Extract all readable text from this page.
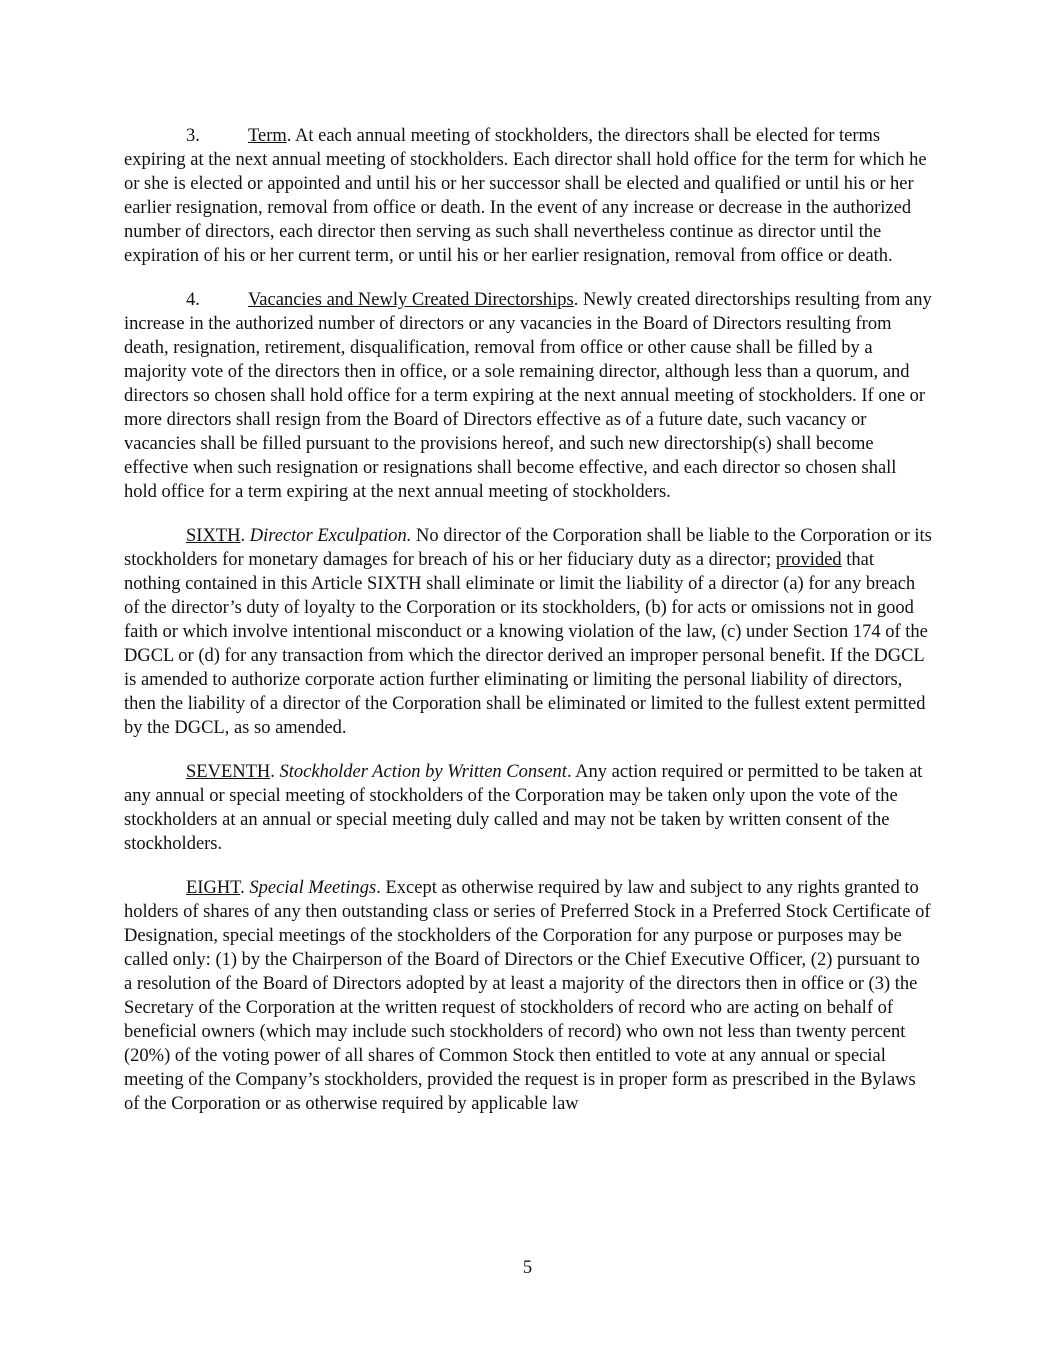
3.	Term. At each annual meeting of stockholders, the directors shall be elected for terms expiring at the next annual meeting of stockholders. Each director shall hold office for the term for which he or she is elected or appointed and until his or her successor shall be elected and qualified or until his or her earlier resignation, removal from office or death. In the event of any increase or decrease in the authorized number of directors, each director then serving as such shall nevertheless continue as director until the expiration of his or her current term, or until his or her earlier resignation, removal from office or death.

4.	Vacancies and Newly Created Directorships. Newly created directorships resulting from any increase in the authorized number of directors or any vacancies in the Board of Directors resulting from death, resignation, retirement, disqualification, removal from office or other cause shall be filled by a majority vote of the directors then in office, or a sole remaining director, although less than a quorum, and directors so chosen shall hold office for a term expiring at the next annual meeting of stockholders. If one or more directors shall resign from the Board of Directors effective as of a future date, such vacancy or vacancies shall be filled pursuant to the provisions hereof, and such new directorship(s) shall become effective when such resignation or resignations shall become effective, and each director so chosen shall hold office for a term expiring at the next annual meeting of stockholders.

SIXTH. Director Exculpation. No director of the Corporation shall be liable to the Corporation or its stockholders for monetary damages for breach of his or her fiduciary duty as a director; provided that nothing contained in this Article SIXTH shall eliminate or limit the liability of a director (a) for any breach of the director’s duty of loyalty to the Corporation or its stockholders, (b) for acts or omissions not in good faith or which involve intentional misconduct or a knowing violation of the law, (c) under Section 174 of the DGCL or (d) for any transaction from which the director derived an improper personal benefit. If the DGCL is amended to authorize corporate action further eliminating or limiting the personal liability of directors, then the liability of a director of the Corporation shall be eliminated or limited to the fullest extent permitted by the DGCL, as so amended.

SEVENTH. Stockholder Action by Written Consent. Any action required or permitted to be taken at any annual or special meeting of stockholders of the Corporation may be taken only upon the vote of the stockholders at an annual or special meeting duly called and may not be taken by written consent of the stockholders.

EIGHT. Special Meetings. Except as otherwise required by law and subject to any rights granted to holders of shares of any then outstanding class or series of Preferred Stock in a Preferred Stock Certificate of Designation, special meetings of the stockholders of the Corporation for any purpose or purposes may be called only: (1) by the Chairperson of the Board of Directors or the Chief Executive Officer, (2) pursuant to a resolution of the Board of Directors adopted by at least a majority of the directors then in office or (3) the Secretary of the Corporation at the written request of stockholders of record who are acting on behalf of beneficial owners (which may include such stockholders of record) who own not less than twenty percent (20%) of the voting power of all shares of Common Stock then entitled to vote at any annual or special meeting of the Company’s stockholders, provided the request is in proper form as prescribed in the Bylaws of the Corporation or as otherwise required by applicable law

5
